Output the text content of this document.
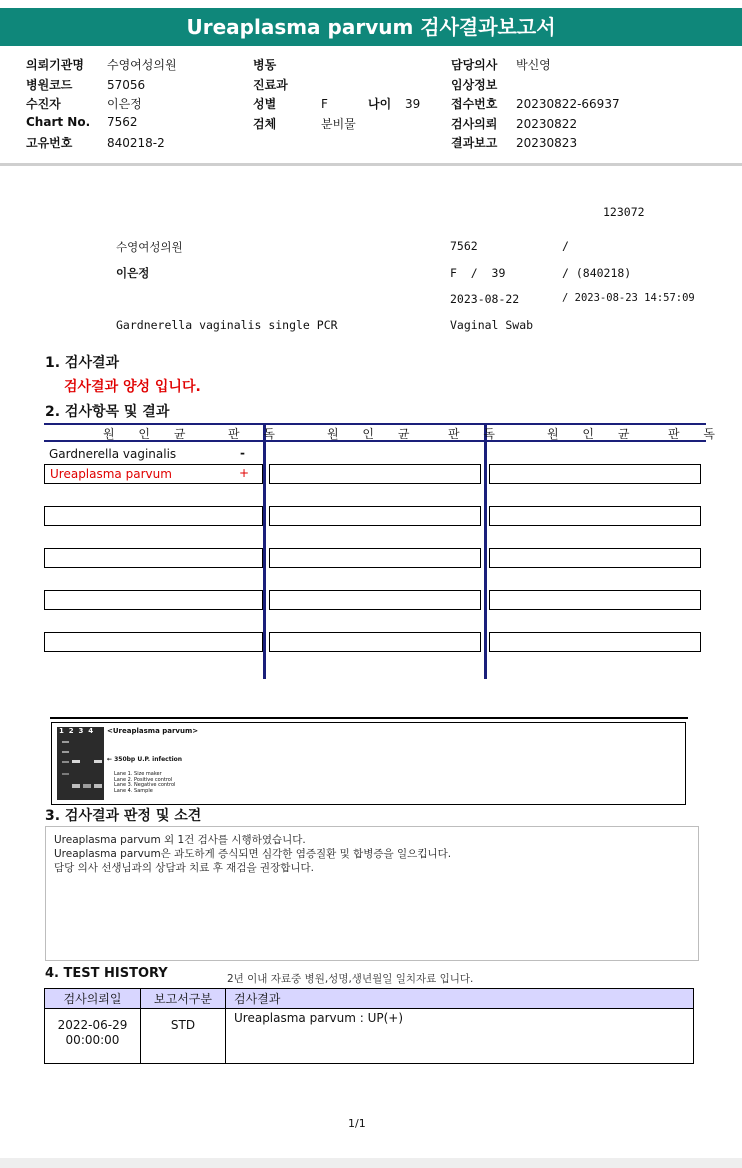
Ureaplasma parvum 검사결과보고서
의뢰기관명 수영여성의원
병원코드	57056
수진자	이은정
Chart No. 7562
고유번호	840218-2
병동
진료과
성별	F	나이 39
검체	분비물
담당의사 박신영
임상정보
접수번호 20230822-66937
검사의뢰 20230822
결과보고 20230823
123072
수영여성의원	7562	/
이은정	F  /  39	/ (840218)
2023-08-22	/ 2023-08-23 14:57:09
Gardnerella vaginalis single PCR	Vaginal Swab
1. 검사결과
검사결과 양성 입니다.
2. 검사항목 및 결과
원 인 균	판 독	원 인 균 판 독	원 인 균 판 독
Gardnerella vaginalis	-
Ureaplasma parvum	+
1  2  3  4 <Ureaplasma parvum>
← 350bp U.P. infection
Lane 1. Size maker
Lane 2. Positive control
Lane 3. Negative control
Lane 4. Sample
3. 검사결과 판정 및 소견
Ureaplasma parvum 외 1건 검사를 시행하였습니다.
Ureaplasma parvum은 과도하게 증식되면 심각한 염증질환 및 합병증을 일으킵니다.
담당 의사 선생님과의 상담과 치료 후 재검을 권장합니다.
4. TEST HISTORY	2년 이내 자료중 병원,성명,생년월일 일치자료 입니다.
검사의뢰일	보고서구분	검사결과

2022-06-29
00:00:00	STD	Ureaplasma parvum : UP(+)
1/1
